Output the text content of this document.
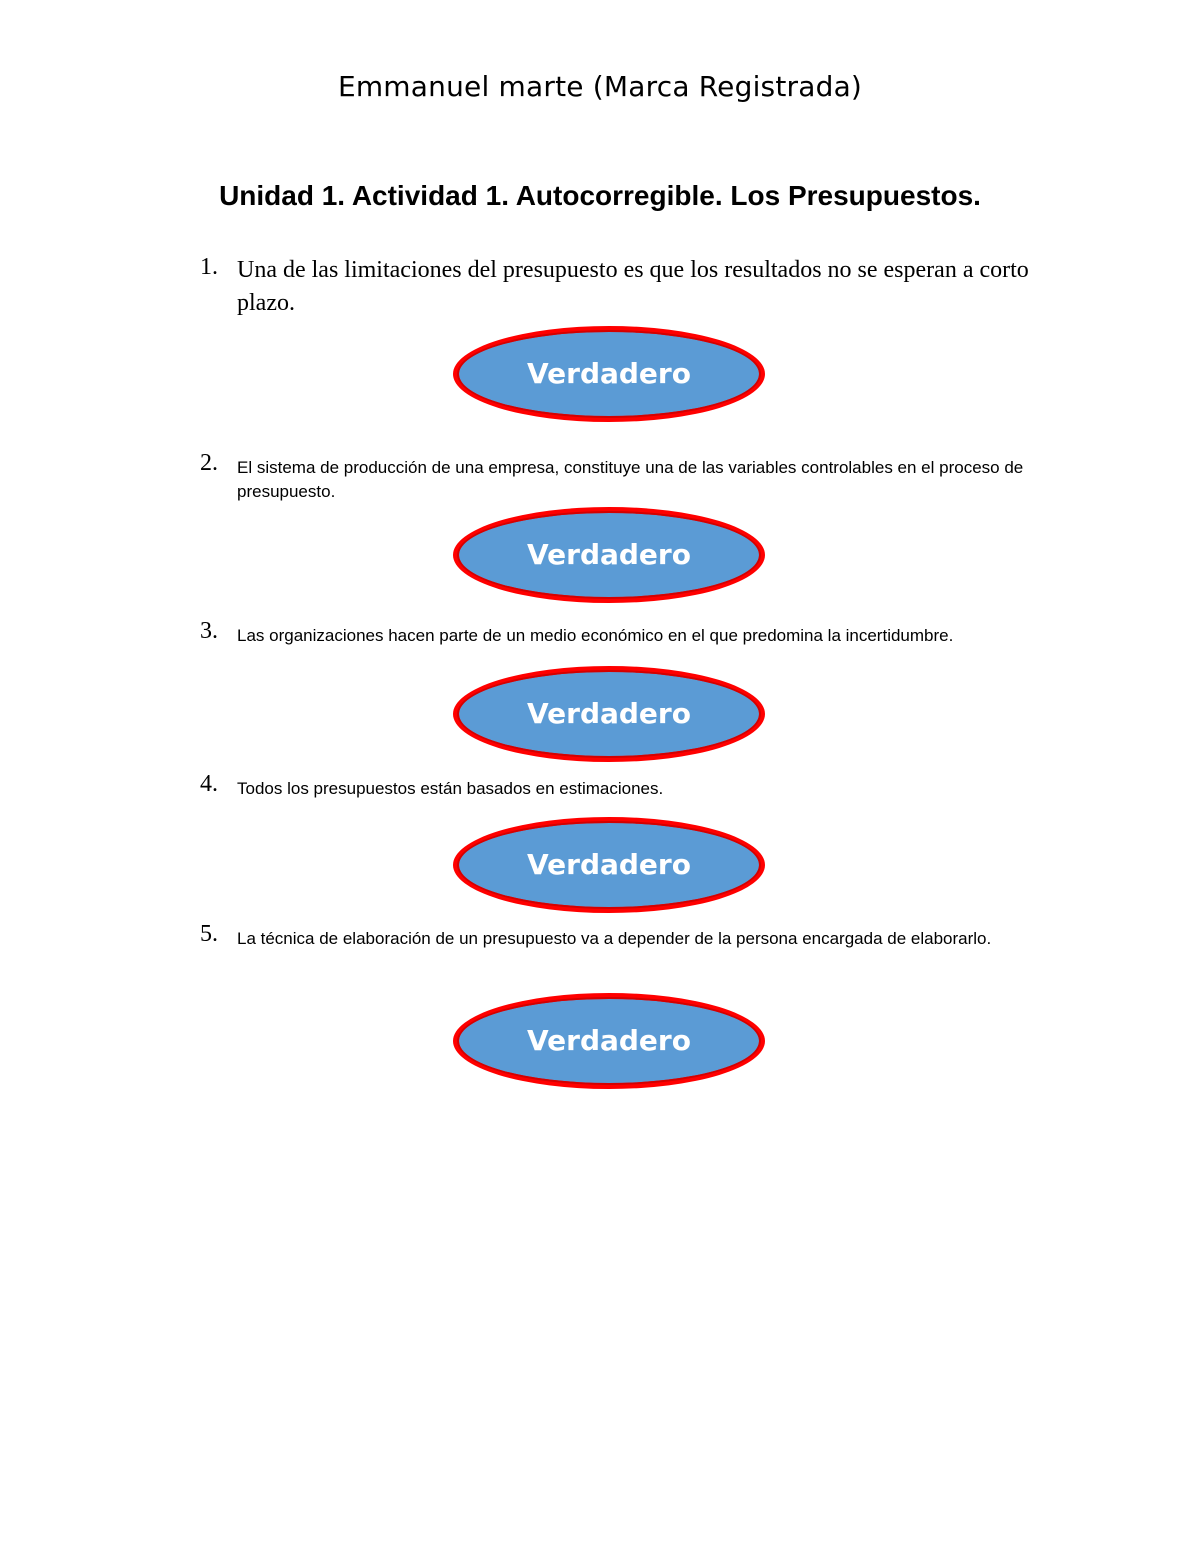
Emmanuel marte (Marca Registrada)
Unidad 1. Actividad 1. Autocorregible. Los Presupuestos.
1. Una de las limitaciones del presupuesto es que los resultados no se esperan a corto plazo.
Verdadero
2. El sistema de producción de una empresa, constituye una de las variables controlables en el proceso de presupuesto.
Verdadero
3. Las organizaciones hacen parte de un medio económico en el que predomina la incertidumbre.
Verdadero
4. Todos los presupuestos están basados en estimaciones.
Verdadero
5. La técnica de elaboración de un presupuesto va a depender de la persona encargada de elaborarlo.
Verdadero
